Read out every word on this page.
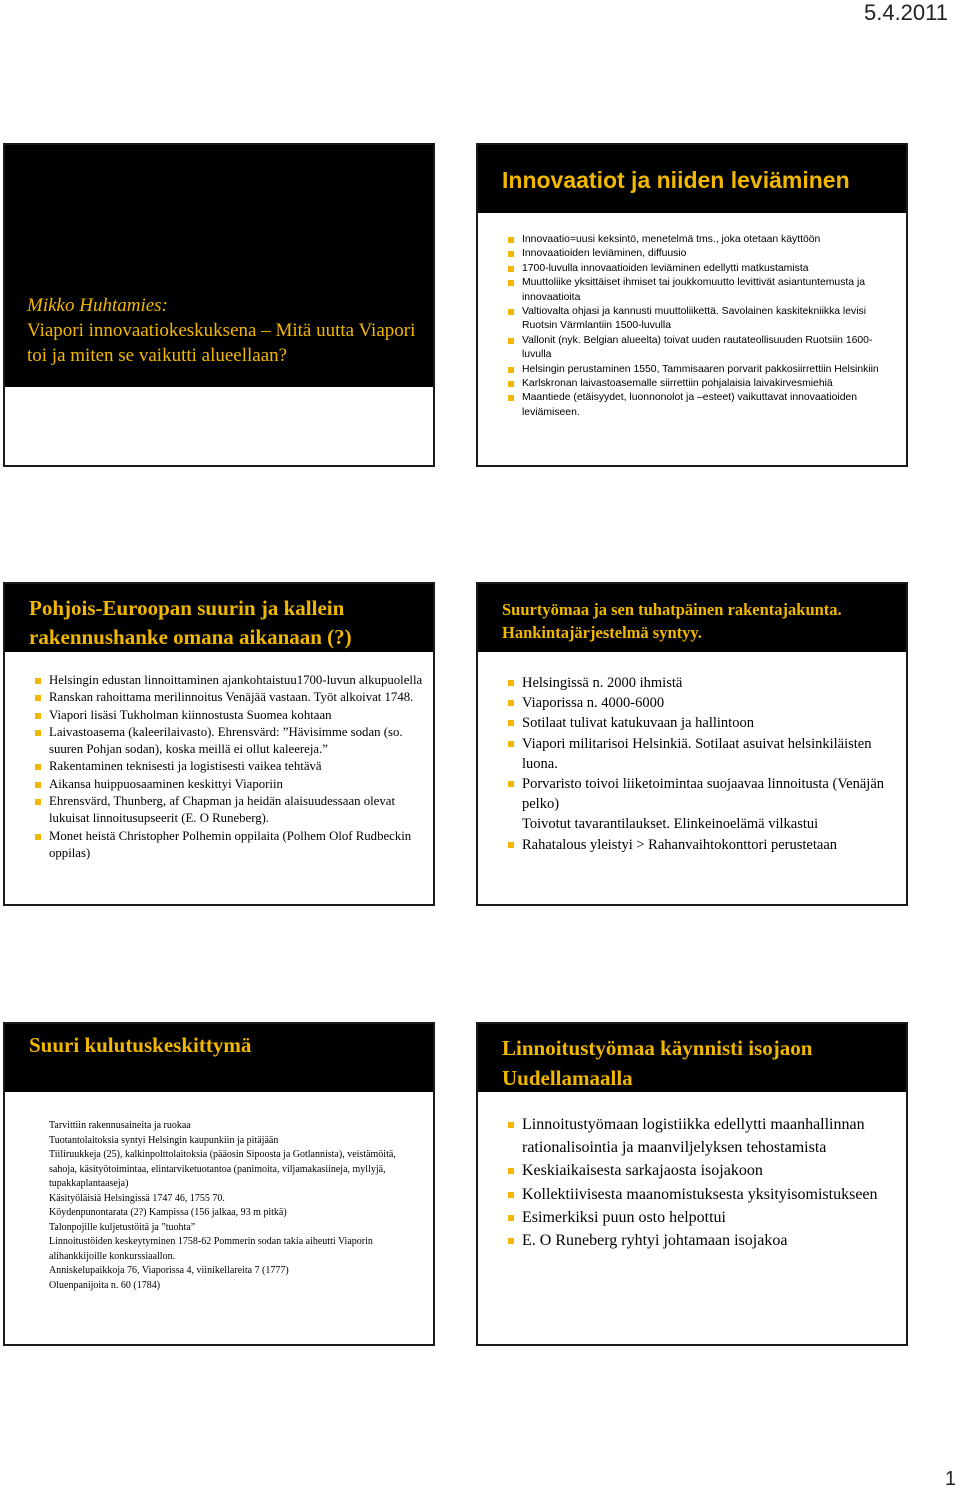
5.4.2011
Mikko Huhtamies:
Viapori innovaatiokeskuksena – Mitä uutta Viapori toi ja miten se vaikutti alueellaan?
Innovaatiot ja niiden leviäminen
Innovaatio=uusi keksintö, menetelmä tms., joka otetaan käyttöön
Innovaatioiden leviäminen, diffuusio
1700-luvulla innovaatioiden leviäminen edellytti matkustamista
Muuttoliike yksittäiset ihmiset tai joukkomuutto levittivät asiantuntemusta ja innovaatioita
Valtiovalta ohjasi ja kannusti muuttoliikettä. Savolainen kaskitekniikka levisi Ruotsin Värmlantiin 1500-luvulla
Vallonit (nyk. Belgian alueelta) toivat uuden rautateollisuuden Ruotsiin 1600-luvulla
Helsingin perustaminen 1550, Tammisaaren porvarit pakkosiirrettiin Helsinkiin
Karlskronan laivastoasemalle siirrettiin pohjalaisia laivakirvesmiehiä
Maantiede (etäisyydet, luonnonolot ja –esteet) vaikuttavat innovaatioiden leviämiseen.
Pohjois-Euroopan suurin ja kallein rakennushanke omana aikanaan (?)
Helsingin edustan linnoittaminen ajankohtaistuu1700-luvun alkupuolella
Ranskan rahoittama merilinnoitus Venäjää vastaan. Työt alkoivat 1748.
Viapori lisäsi Tukholman kiinnostusta Suomea kohtaan
Laivastoasema (kaleerilaivasto). Ehrensvärd: ”Hävisimme sodan (so. suuren Pohjan sodan), koska meillä ei ollut kaleereja.”
Rakentaminen teknisesti ja logistisesti vaikea tehtävä
Aikansa huippuosaaminen keskittyi Viaporiin
Ehrensvärd, Thunberg, af Chapman ja heidän alaisuudessaan olevat lukuisat linnoitusupseerit (E. O Runeberg).
Monet heistä Christopher Polhemin oppilaita (Polhem Olof Rudbeckin oppilas)
Suurtyömaa ja sen tuhatpäinen rakentajakunta. Hankintajärjestelmä syntyy.
Helsingissä n. 2000 ihmistä
Viaporissa n. 4000-6000
Sotilaat tulivat katukuvaan ja hallintoon
Viapori militarisoi Helsinkiä. Sotilaat asuivat helsinkiläisten luona.
Porvaristo toivoi liiketoimintaa suojaavaa linnoitusta (Venäjän pelko)
Toivotut tavarantilaukset. Elinkeinoelämä vilkastui
Rahatalous yleistyi > Rahanvaihtokonttori perustetaan
Suuri kulutuskeskittymä
Tarvittiin rakennusaineita ja ruokaa
Tuotantolaitoksia syntyi Helsingin kaupunkiin ja pitäjään
Tiiliruukkeja (25), kalkinpolttolaitoksia (pääosin Sipoosta ja Gotlannista), veistämöitä, sahoja, käsityötoimintaa, elintarviketuotantoa (panimoita, viljamakasiineja, myllyjä, tupakkaplantaaseja)
Käsityöläisiä Helsingissä 1747 46, 1755 70.
Köydenpunontarata (2?) Kampissa (156 jalkaa, 93 m pitkä)
Talonpojille kuljetustöitä ja ”tuohta”
Linnoitustöiden keskeytyminen 1758-62 Pommerin sodan takia aiheutti Viaporin alihankkijoille konkurssiaallon.
Anniskelupaikkoja 76, Viaporissa 4, viinikellareita 7 (1777)
Oluenpanijoita n. 60 (1784)
Linnoitustyömaa käynnisti isojaon Uudellamaalla
Linnoitustyömaan logistiikka edellytti maanhallinnan rationalisointia ja maanviljelyksen tehostamista
Keskiaikaisesta sarkajaosta isojakoon
Kollektiivisesta maanomistuksesta yksityisomistukseen
Esimerkiksi puun osto helpottui
E. O Runeberg ryhtyi johtamaan isojakoa
1
